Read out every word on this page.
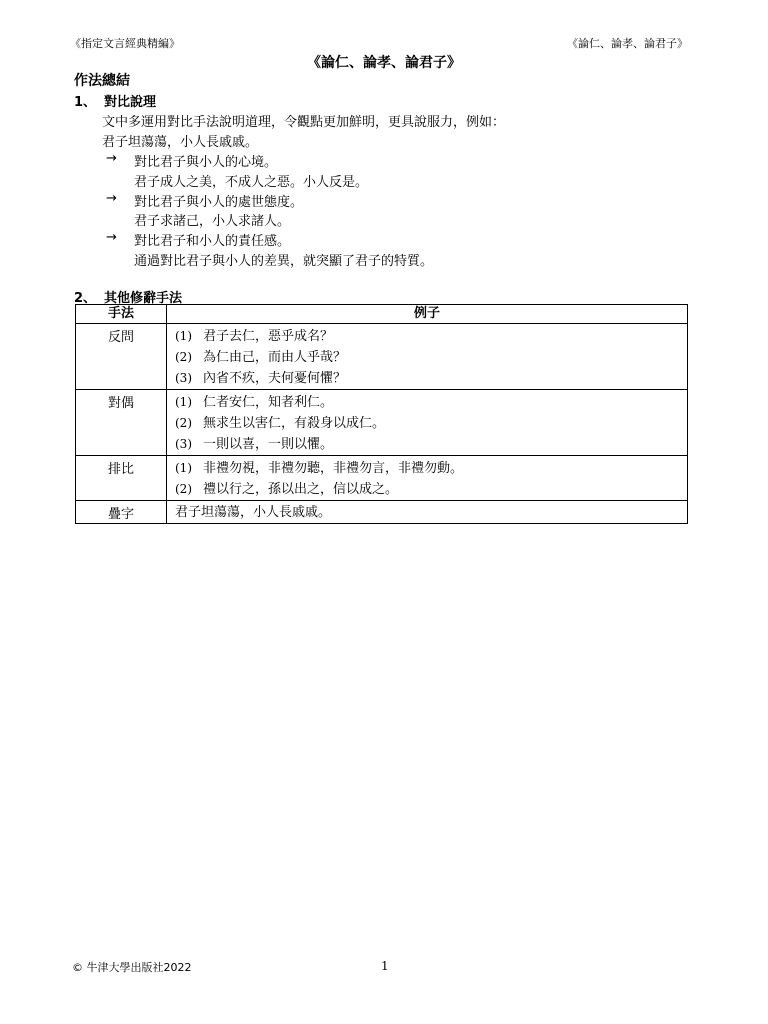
《指定文言經典精編》	《論仁、論孝、論君子》
《論仁、論孝、論君子》
作法總結
1、 對比說理
文中多運用對比手法說明道理，令觀點更加鮮明，更具說服力，例如：
君子坦蕩蕩，小人長戚戚。
→ 對比君子與小人的心境。
君子成人之美，不成人之惡。小人反是。
→ 對比君子與小人的處世態度。
君子求諸己，小人求諸人。
→ 對比君子和小人的責任感。
通過對比君子與小人的差異，就突顯了君子的特質。
2、 其他修辭手法
手法	例子
反問	(1) 君子去仁，惡乎成名？
(2) 為仁由己，而由人乎哉？
(3) 內省不疚，夫何憂何懼？

對偶	(1) 仁者安仁，知者利仁。
(2) 無求生以害仁，有殺身以成仁。
(3) 一則以喜，一則以懼。

排比	(1) 非禮勿視，非禮勿聽，非禮勿言，非禮勿動。
(2) 禮以行之，孫以出之，信以成之。

疊字	君子坦蕩蕩，小人長戚戚。
© 牛津大學出版社2022	1
